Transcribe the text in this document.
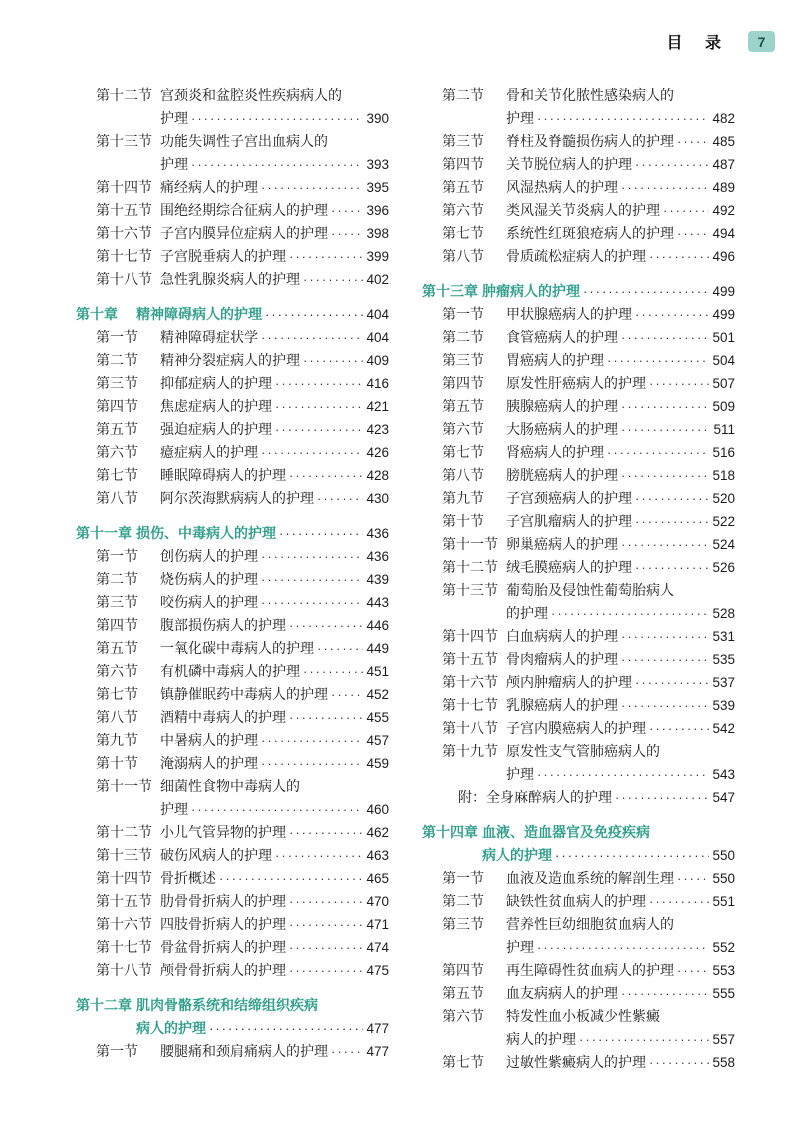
目 录	7
第十二节 宫颈炎和盆腔炎性疾病病人的
护理 ·····	390
第十三节 功能失调性子宫出血病人的
护理 ·····	393
第十四节 痛经病人的护理 ·····	395
第十五节 围绝经期综合征病人的护理 ·····	396
第十六节 子宫内膜异位症病人的护理 ·····	398
第十七节 子宫脱垂病人的护理 ·····	399
第十八节 急性乳腺炎病人的护理 ·····	402
第十章	精神障碍病人的护理 ·····	404
第一节	精神障碍症状学 ·····	404
第二节	精神分裂症病人的护理 ·····	409
第三节	抑郁症病人的护理 ·····	416
第四节	焦虑症病人的护理 ·····	421
第五节	强迫症病人的护理 ·····	423
第六节	癔症病人的护理 ·····	426
第七节	睡眠障碍病人的护理 ·····	428
第八节	阿尔茨海默病病人的护理 ·····	430
第十一章 损伤、中毒病人的护理 ·····	436
第一节	创伤病人的护理 ·····	436
第二节	烧伤病人的护理 ·····	439
第三节	咬伤病人的护理 ·····	443
第四节	腹部损伤病人的护理 ·····	446
第五节	一氧化碳中毒病人的护理 ·····	449
第六节	有机磷中毒病人的护理 ·····	451
第七节	镇静催眠药中毒病人的护理 ·····	452
第八节	酒精中毒病人的护理 ·····	455
第九节	中暑病人的护理 ·····	457
第十节	淹溺病人的护理 ·····	459
第十一节 细菌性食物中毒病人的
护理 ·····	460
第十二节 小儿气管异物的护理 ·····	462
第十三节 破伤风病人的护理 ·····	463
第十四节 骨折概述 ·····	465
第十五节 肋骨骨折病人的护理 ·····	470
第十六节 四肢骨折病人的护理 ·····	471
第十七节 骨盆骨折病人的护理 ·····	474
第十八节 颅骨骨折病人的护理 ·····	475
第十二章 肌肉骨骼系统和结缔组织疾病
病人的护理 ·····	477
第一节	腰腿痛和颈肩痛病人的护理 ·····	477
第二节	骨和关节化脓性感染病人的
护理 ·····	482
第三节	脊柱及脊髓损伤病人的护理 ·····	485
第四节	关节脱位病人的护理 ·····	487
第五节	风湿热病人的护理 ·····	489
第六节	类风湿关节炎病人的护理 ·····	492
第七节	系统性红斑狼疮病人的护理 ·····	494
第八节	骨质疏松症病人的护理 ·····	496
第十三章 肿瘤病人的护理 ·····	499
第一节	甲状腺癌病人的护理 ·····	499
第二节	食管癌病人的护理 ·····	501
第三节	胃癌病人的护理 ·····	504
第四节	原发性肝癌病人的护理 ·····	507
第五节	胰腺癌病人的护理 ·····	509
第六节	大肠癌病人的护理 ·····	511
第七节	肾癌病人的护理 ·····	516
第八节	膀胱癌病人的护理 ·····	518
第九节	子宫颈癌病人的护理 ·····	520
第十节	子宫肌瘤病人的护理 ·····	522
第十一节 卵巢癌病人的护理 ·····	524
第十二节 绒毛膜癌病人的护理 ·····	526
第十三节 葡萄胎及侵蚀性葡萄胎病人
的护理 ·····	528
第十四节 白血病病人的护理 ·····	531
第十五节 骨肉瘤病人的护理 ·····	535
第十六节 颅内肿瘤病人的护理 ·····	537
第十七节 乳腺癌病人的护理 ·····	539
第十八节 子宫内膜癌病人的护理 ·····	542
第十九节 原发性支气管肺癌病人的
护理 ·····	543
附： 全身麻醉病人的护理 ·····	547
第十四章 血液、造血器官及免疫疾病
病人的护理 ·····	550
第一节	血液及造血系统的解剖生理 ·····	550
第二节	缺铁性贫血病人的护理 ·····	551
第三节	营养性巨幼细胞贫血病人的
护理 ·····	552
第四节	再生障碍性贫血病人的护理 ·····	553
第五节	血友病病人的护理 ·····	555
第六节	特发性血小板减少性紫癜
病人的护理 ·····	557
第七节	过敏性紫癜病人的护理 ·····	558
